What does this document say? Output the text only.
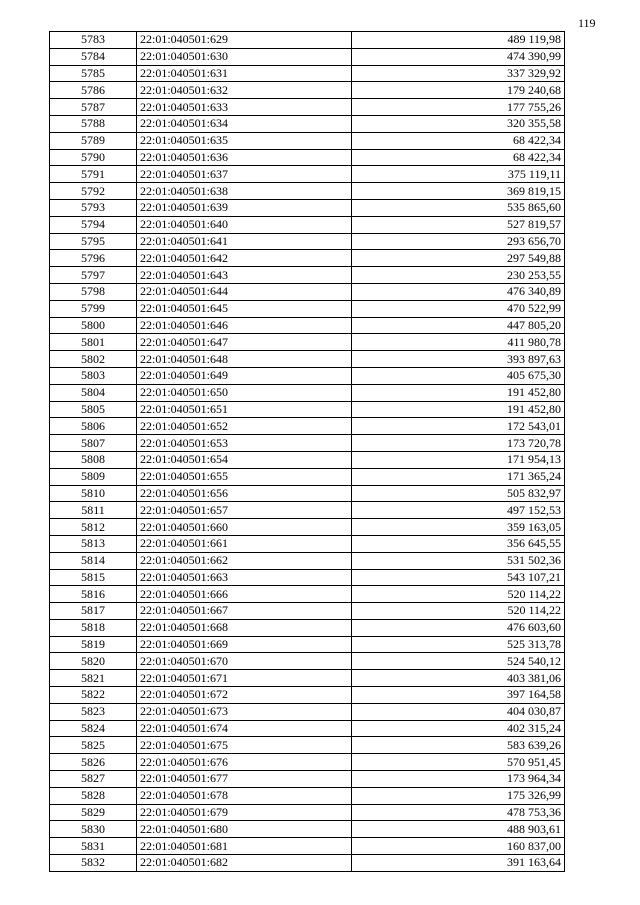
119
5783	22:01:040501:629	489 119,98
5784	22:01:040501:630	474 390,99
5785	22:01:040501:631	337 329,92
5786	22:01:040501:632	179 240,68
5787	22:01:040501:633	177 755,26
5788	22:01:040501:634	320 355,58
5789	22:01:040501:635	68 422,34
5790	22:01:040501:636	68 422,34
5791	22:01:040501:637	375 119,11
5792	22:01:040501:638	369 819,15
5793	22:01:040501:639	535 865,60
5794	22:01:040501:640	527 819,57
5795	22:01:040501:641	293 656,70
5796	22:01:040501:642	297 549,88
5797	22:01:040501:643	230 253,55
5798	22:01:040501:644	476 340,89
5799	22:01:040501:645	470 522,99
5800	22:01:040501:646	447 805,20
5801	22:01:040501:647	411 980,78
5802	22:01:040501:648	393 897,63
5803	22:01:040501:649	405 675,30
5804	22:01:040501:650	191 452,80
5805	22:01:040501:651	191 452,80
5806	22:01:040501:652	172 543,01
5807	22:01:040501:653	173 720,78
5808	22:01:040501:654	171 954,13
5809	22:01:040501:655	171 365,24
5810	22:01:040501:656	505 832,97
5811	22:01:040501:657	497 152,53
5812	22:01:040501:660	359 163,05
5813	22:01:040501:661	356 645,55
5814	22:01:040501:662	531 502,36
5815	22:01:040501:663	543 107,21
5816	22:01:040501:666	520 114,22
5817	22:01:040501:667	520 114,22
5818	22:01:040501:668	476 603,60
5819	22:01:040501:669	525 313,78
5820	22:01:040501:670	524 540,12
5821	22:01:040501:671	403 381,06
5822	22:01:040501:672	397 164,58
5823	22:01:040501:673	404 030,87
5824	22:01:040501:674	402 315,24
5825	22:01:040501:675	583 639,26
5826	22:01:040501:676	570 951,45
5827	22:01:040501:677	173 964,34
5828	22:01:040501:678	175 326,99
5829	22:01:040501:679	478 753,36
5830	22:01:040501:680	488 903,61
5831	22:01:040501:681	160 837,00
5832	22:01:040501:682	391 163,64
